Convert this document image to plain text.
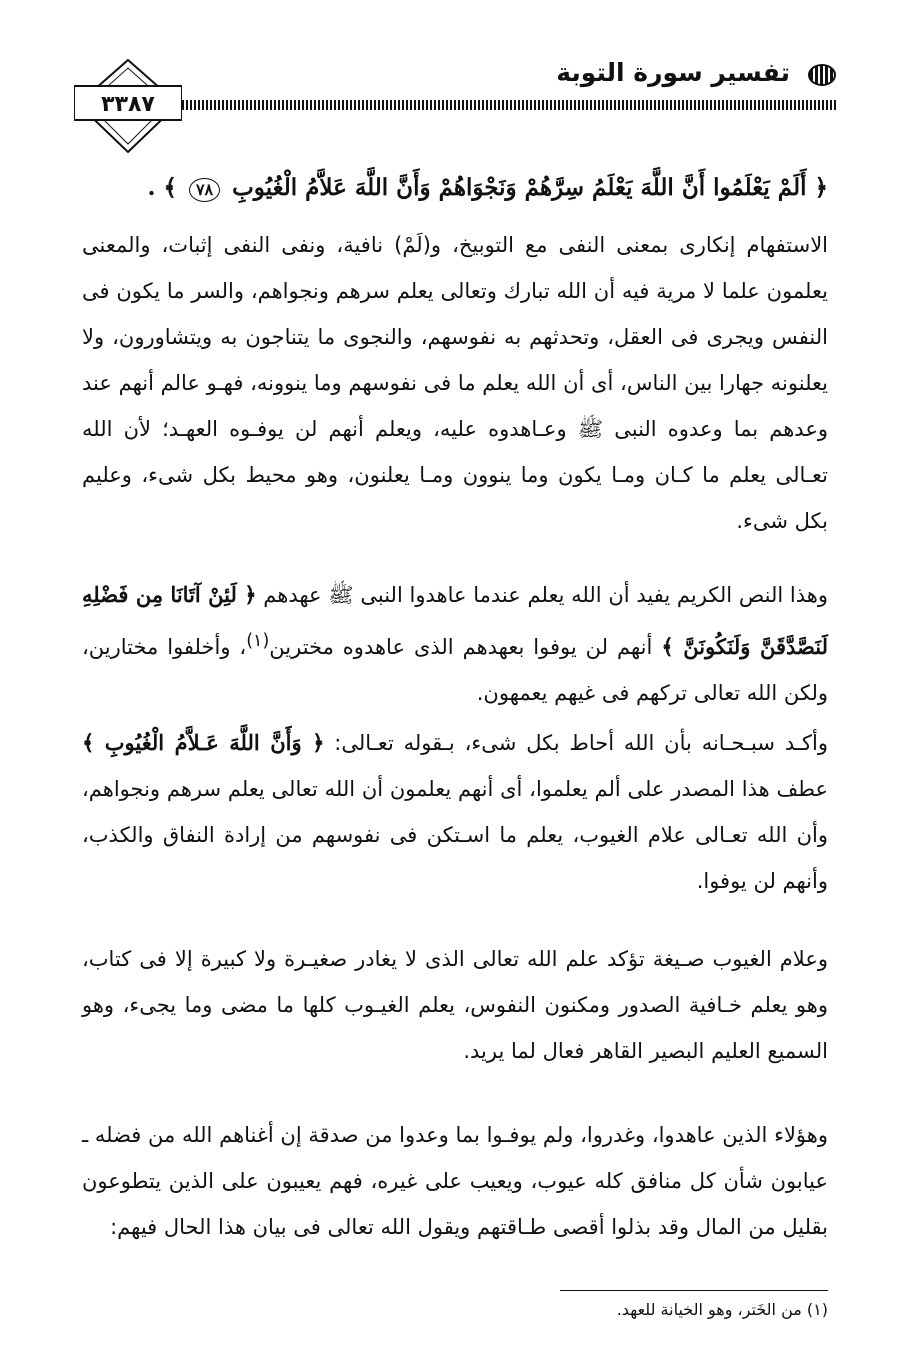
تفسير سورة التوبة
٣٣٨٧
﴿ أَلَمْ يَعْلَمُوا أَنَّ اللَّهَ يَعْلَمُ سِرَّهُمْ وَنَجْوَاهُمْ وَأَنَّ اللَّهَ عَلاَّمُ الْغُيُوبِ ٧٨ ﴾ .
الاستفهام إنكارى بمعنى النفى مع التوبيخ، و(لَمْ) نافية، ونفى النفى إثبات، والمعنى يعلمون علما لا مرية فيه أن الله تبارك وتعالى يعلم سرهم ونجواهم، والسر ما يكون فى النفس ويجرى فى العقل، وتحدثهم به نفوسهم، والنجوى ما يتناجون به ويتشاورون، ولا يعلنونه جهارا بين الناس، أى أن الله يعلم ما فى نفوسهم وما ينوونه، فهـو عالم أنهم عند وعدهم بما وعدوه النبى ﷺ وعـاهدوه عليه، ويعلم أنهم لن يوفـوه العهـد؛ لأن الله تعـالى يعلم ما كـان ومـا يكون وما ينوون ومـا يعلنون، وهو محيط بكل شىء، وعليم بكل شىء.
وهذا النص الكريم يفيد أن الله يعلم عندما عاهدوا النبى ﷺ عهدهم ﴿ لَئِنْ آتَانَا مِن فَضْلِهِ لَنَصَّدَّقَنَّ وَلَنَكُونَنَّ ﴾ أنهم لن يوفوا بعهدهم الذى عاهدوه مخترين$^{(١)}$، وأخلفوا مختارين، ولكن الله تعالى تركهم فى غيهم يعمهون.
وأكـد سبـحـانه بأن الله أحاط بكل شىء، بـقوله تعـالى: ﴿ وَأَنَّ اللَّهَ عَـلاَّمُ الْغُيُوبِ ﴾ عطف هذا المصدر على ألم يعلموا، أى أنهم يعلمون أن الله تعالى يعلم سرهم ونجواهم، وأن الله تعـالى علام الغيوب، يعلم ما اسـتكن فى نفوسهم من إرادة النفاق والكذب، وأنهم لن يوفوا.
وعلام الغيوب صـيغة تؤكد علم الله تعالى الذى لا يغادر صغيـرة ولا كبيرة إلا فى كتاب، وهو يعلم خـافية الصدور ومكنون النفوس، يعلم الغيـوب كلها ما مضى وما يجىء، وهو السميع العليم البصير القاهر فعال لما يريد.
وهؤلاء الذين عاهدوا، وغدروا، ولم يوفـوا بما وعدوا من صدقة إن أغناهم الله من فضله ـ عيابون شأن كل منافق كله عيوب، ويعيب على غيره، فهم يعيبون على الذين يتطوعون بقليل من المال وقد بذلوا أقصى طـاقتهم ويقول الله تعالى فى بيان هذا الحال فيهم:
(١) من الخَتر، وهو الخيانة للعهد.
